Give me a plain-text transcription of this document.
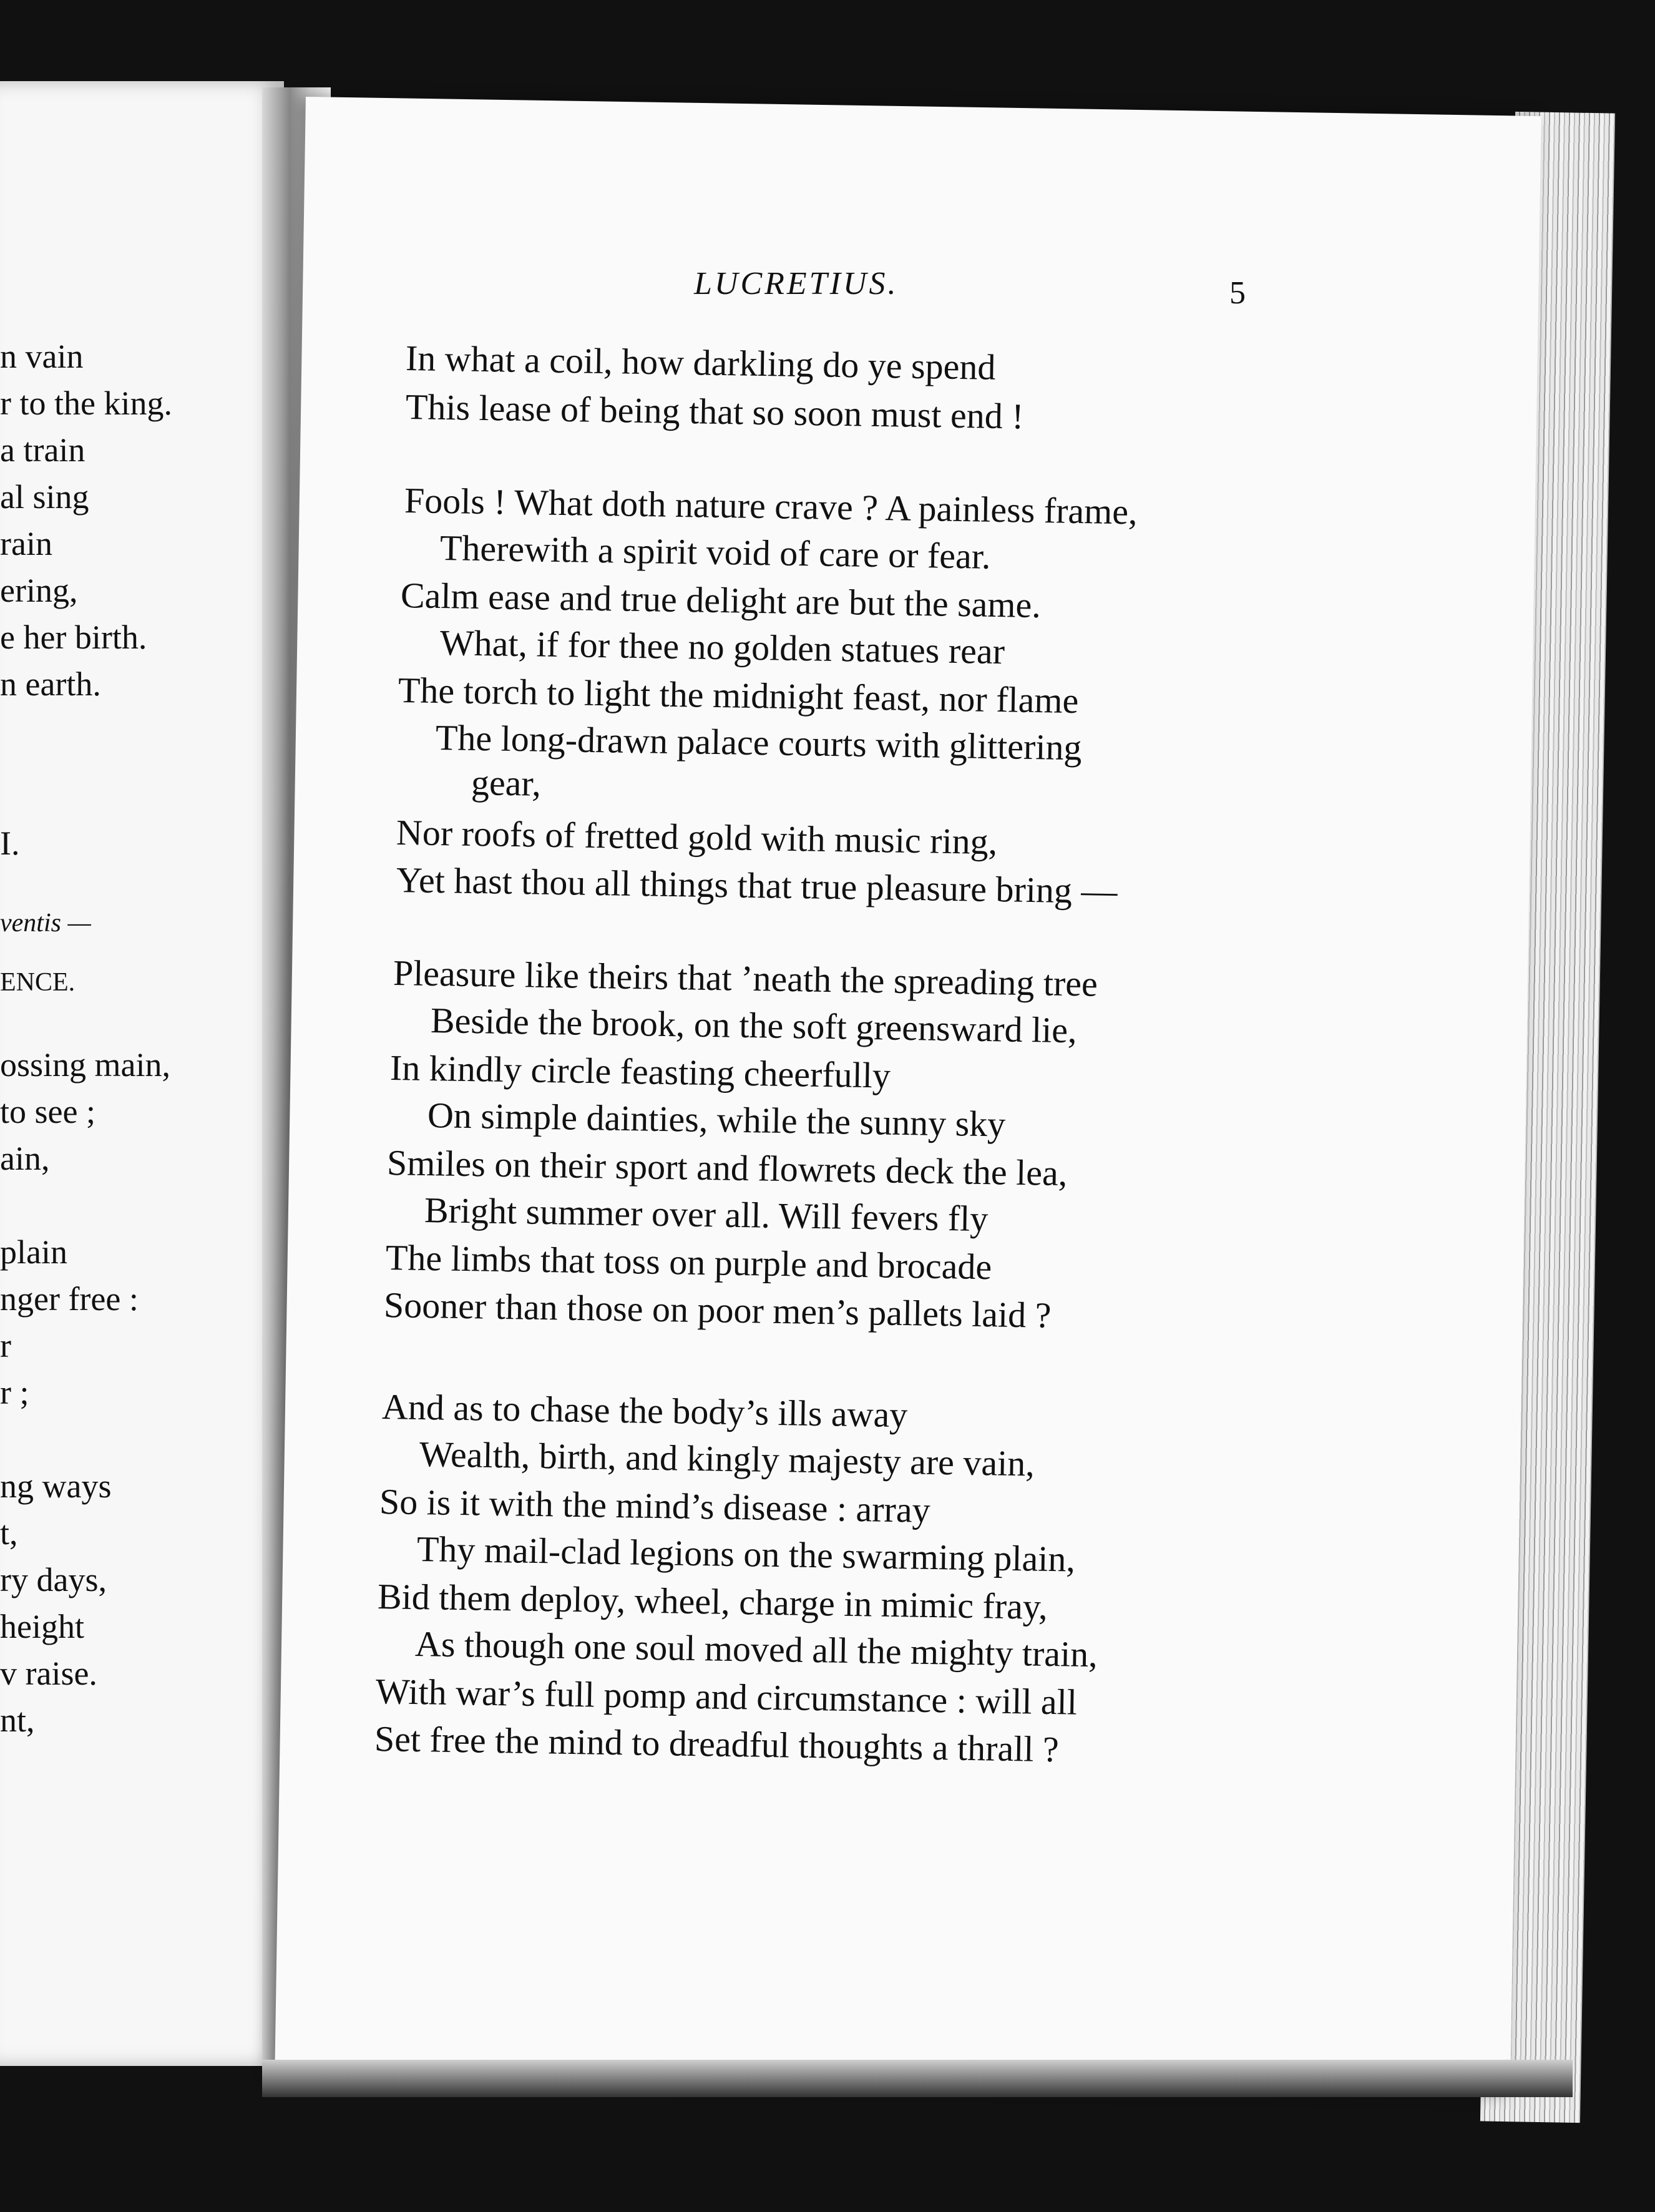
n vain
r to the king.
a train
al sing
rain
ering,
e her birth.
n earth.
I.
ventis —
ENCE.
ossing main,
to see ;
ain,
plain
nger free :
r
r ;
ng ways
t,
ry days,
height
v raise.
nt,
LUCRETIUS.	5
In what a coil, how darkling do ye spend
This lease of being that so soon must end !
Fools ! What doth nature crave ? A painless frame,
Therewith a spirit void of care or fear.
Calm ease and true delight are but the same.
What, if for thee no golden statues rear
The torch to light the midnight feast, nor flame
The long-drawn palace courts with glittering
gear,
Nor roofs of fretted gold with music ring,
Yet hast thou all things that true pleasure bring —
Pleasure like theirs that ’neath the spreading tree
Beside the brook, on the soft greensward lie,
In kindly circle feasting cheerfully
On simple dainties, while the sunny sky
Smiles on their sport and flowrets deck the lea,
Bright summer over all. Will fevers fly
The limbs that toss on purple and brocade
Sooner than those on poor men’s pallets laid ?
And as to chase the body’s ills away
Wealth, birth, and kingly majesty are vain,
So is it with the mind’s disease : array
Thy mail-clad legions on the swarming plain,
Bid them deploy, wheel, charge in mimic fray,
As though one soul moved all the mighty train,
With war’s full pomp and circumstance : will all
Set free the mind to dreadful thoughts a thrall ?
